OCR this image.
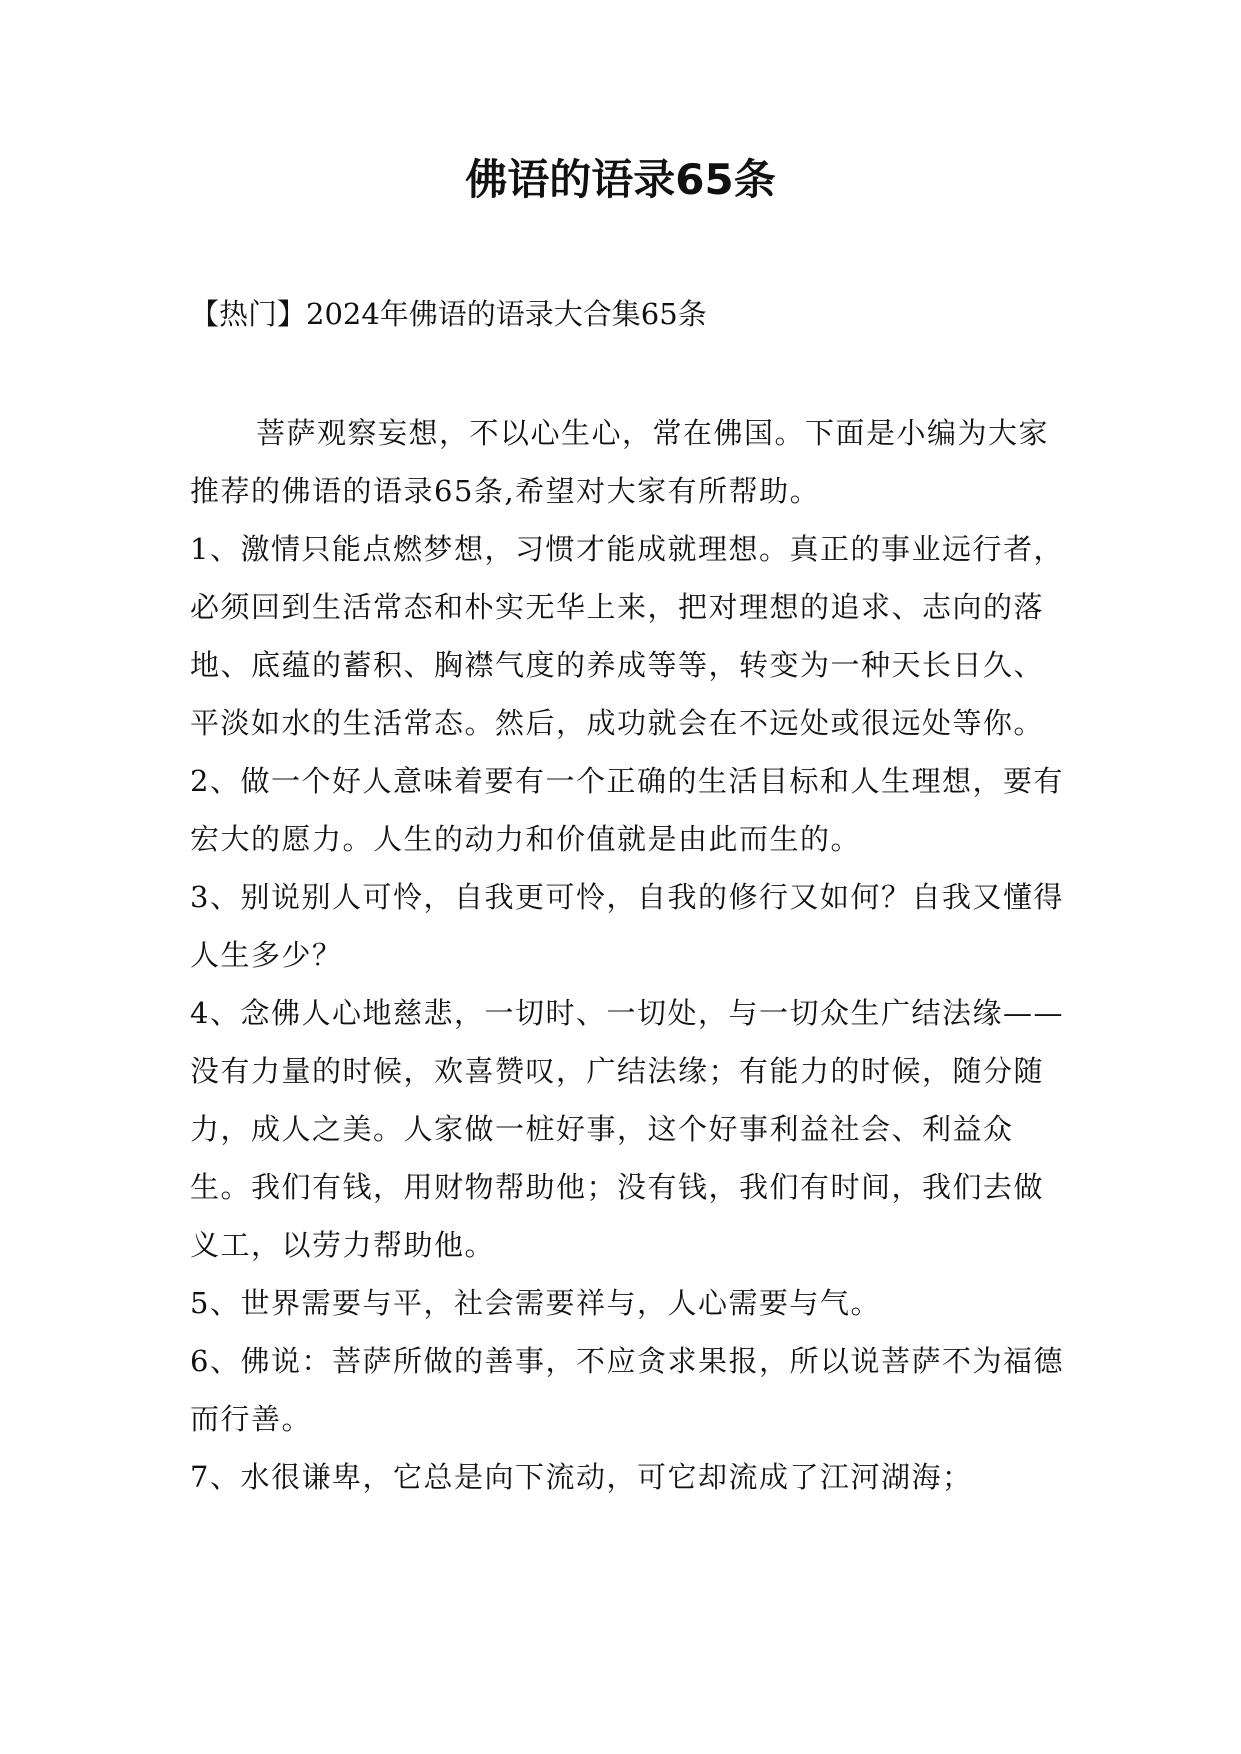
佛语的语录65条
【热门】2024年佛语的语录大合集65条

菩萨观察妄想，不以心生心，常在佛国。下面是小编为大家推荐的佛语的语录65条,希望对大家有所帮助。

1、激情只能点燃梦想，习惯才能成就理想。真正的事业远行者，必须回到生活常态和朴实无华上来，把对理想的追求、志向的落地、底蕴的蓄积、胸襟气度的养成等等，转变为一种天长日久、平淡如水的生活常态。然后，成功就会在不远处或很远处等你。

2、做一个好人意味着要有一个正确的生活目标和人生理想，要有宏大的愿力。人生的动力和价值就是由此而生的。

3、别说别人可怜，自我更可怜，自我的修行又如何？自我又懂得人生多少？

4、念佛人心地慈悲，一切时、一切处，与一切众生广结法缘——没有力量的时候，欢喜赞叹，广结法缘；有能力的时候，随分随力，成人之美。人家做一桩好事，这个好事利益社会、利益众生。我们有钱，用财物帮助他；没有钱，我们有时间，我们去做义工，以劳力帮助他。

5、世界需要与平，社会需要祥与，人心需要与气。

6、佛说：菩萨所做的善事，不应贪求果报，所以说菩萨不为福德而行善。

7、水很谦卑，它总是向下流动，可它却流成了江河湖海；
